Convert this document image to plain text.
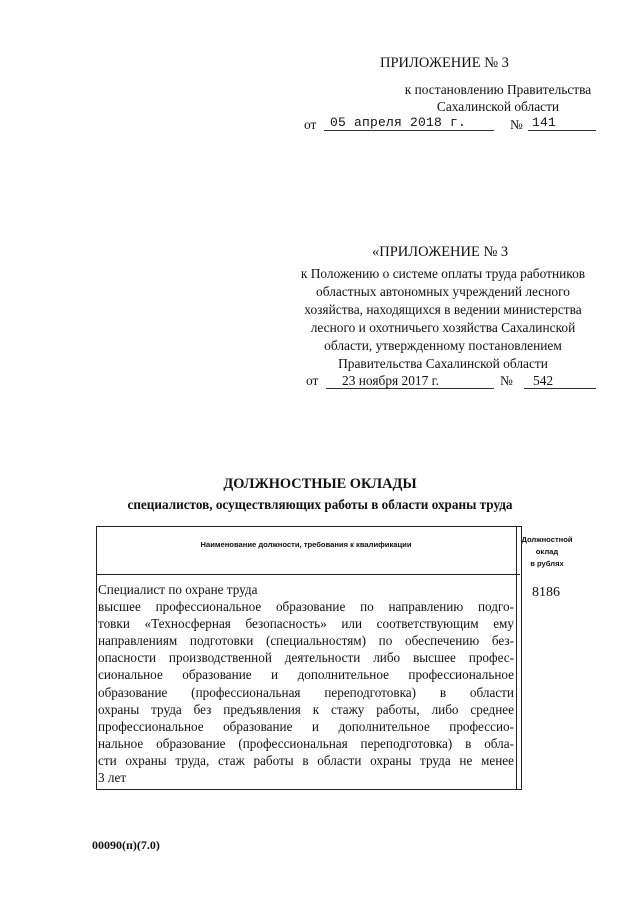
ПРИЛОЖЕНИЕ № 3
к постановлению Правительства
Сахалинской области
от 05 апреля 2018 г.	№ 141
«ПРИЛОЖЕНИЕ № 3
к Положению о системе оплаты труда работников
областных автономных учреждений лесного
хозяйства, находящихся в ведении министерства
лесного и охотничьего хозяйства Сахалинской
области, утвержденному постановлением
Правительства Сахалинской области
от 23 ноября 2017 г.	№ 542
ДОЛЖНОСТНЫЕ ОКЛАДЫ
специалистов, осуществляющих работы в области охраны труда
Наименование должности, требования к квалификации
Должностной
оклад
в рублях
Специалист по охране труда
высшее профессиональное образование по направлению подго-
товки «Техносферная безопасность» или соответствующим ему
направлениям подготовки (специальностям) по обеспечению без-
опасности производственной деятельности либо высшее профес-
сиональное образование и дополнительное профессиональное
образование (профессиональная переподготовка) в области
охраны труда без предъявления к стажу работы, либо среднее
профессиональное образование и дополнительное профессио-
нальное образование (профессиональная переподготовка) в обла-
сти охраны труда, стаж работы в области охраны труда не менее
3 лет
8186
00090(п)(7.0)
